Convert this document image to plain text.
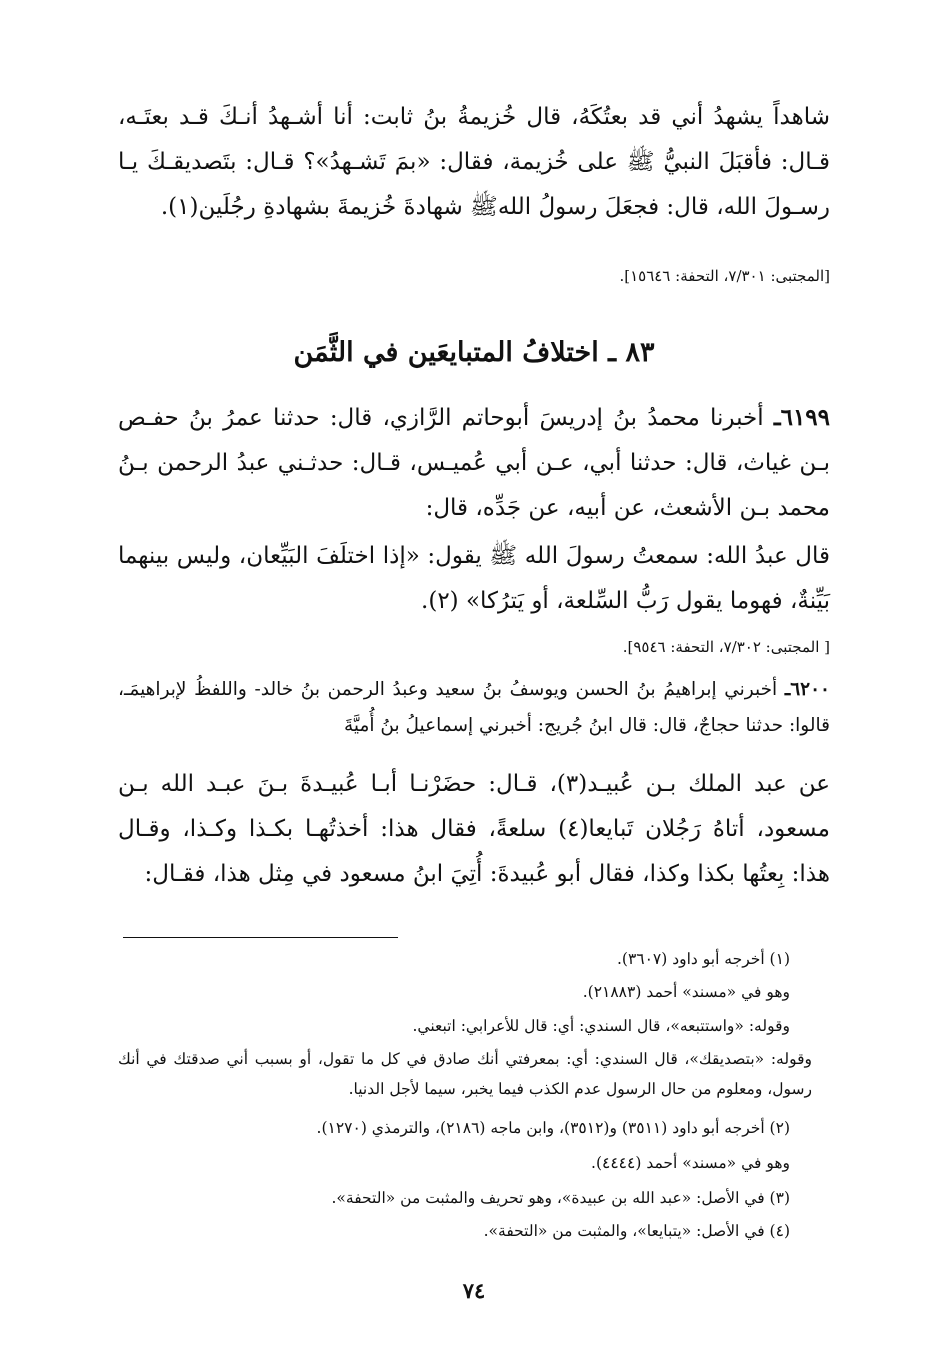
شاهداً يشهدُ أني قد بعتُكَهُ، قال خُزيمةُ بنُ ثابت: أنا أشـهدُ أنـكَ قـد بعتَـه، قـال: فأقبَلَ النبيُّ ﷺ على خُزيمة، فقال: «بمَ تَشـهدُ»؟ قـال: بتَصديقـكَ يـا رسـولَ الله، قال: فجعَلَ رسولُ اللهﷺ شهادةَ خُزيمةَ بشهادةِ رجُلَين(١).

[المجتبى: ٧/٣٠١، التحفة: ١٥٦٤٦].

٨٣ ـ اختلافُ المتبايعَين في الثَّمَن

٦١٩٩ـ أخبرنا محمدُ بنُ إدريسَ أبوحاتم الرَّازي، قال: حدثنا عمرُ بنُ حفـص بـن غياث، قال: حدثنا أبي، عـن أبي عُميـس، قـال: حدثـني عبدُ الرحمن بـنُ محمد بـن الأشعث، عن أبيه، عن جَدِّه، قال:

قال عبدُ الله: سمعتُ رسولَ الله ﷺ يقول: «إذا اختلَفَ البَيِّعان، وليس بينهما بَيِّنةٌ، فهوما يقول رَبُّ السِّلعة، أو يَترُكا» (٢).

[ المجتبى: ٧/٣٠٢، التحفة: ٩٥٤٦].

٦٢٠٠ـ أخبرني إبراهيمُ بنُ الحسن ويوسفُ بنُ سعيد وعبدُ الرحمن بنُ خالد- واللفظُ لإبراهيمَـ، قالوا: حدثنا حجاجٌ، قال: قال ابنُ جُريج: أخبرني إسماعيلُ بنُ أُميَّةَ

عن عبد الملك بـن عُبيـد(٣)، قـال: حضَرْنـا أبـا عُبيـدةَ بـنَ عبـد الله بـن مسعود، أتاهُ رَجُلان تَبايعا(٤) سلعةً، فقال هذا: أخذتُهـا بكـذا وكـذا، وقـال هذا: بِعتُها بكذا وكذا، فقال أبو عُبيدةَ: أُتِيَ ابنُ مسعود في مِثل هذا، فقـال:

(١) أخرجه أبو داود (٣٦٠٧).

وهو في «مسند» أحمد (٢١٨٨٣).

وقوله: «واستتبعه»، قال السندي: أي: قال للأعرابي: اتبعني.

وقوله: «بتصديقك»، قال السندي: أي: بمعرفتي أنك صادق في كل ما تقول، أو بسبب أني صدقتك في أنك رسول، ومعلوم من حال الرسول عدم الكذب فيما يخبر، سيما لأجل الدنيا.

(٢) أخرجه أبو داود (٣٥١١) و(٣٥١٢)، وابن ماجه (٢١٨٦)، والترمذي (١٢٧٠).

وهو في «مسند» أحمد (٤٤٤٤).

(٣) في الأصل: «عبد الله بن عبيدة»، وهو تحريف والمثبت من «التحفة».

(٤) في الأصل: «يتبايعا»، والمثبت من «التحفة».

٧٤
